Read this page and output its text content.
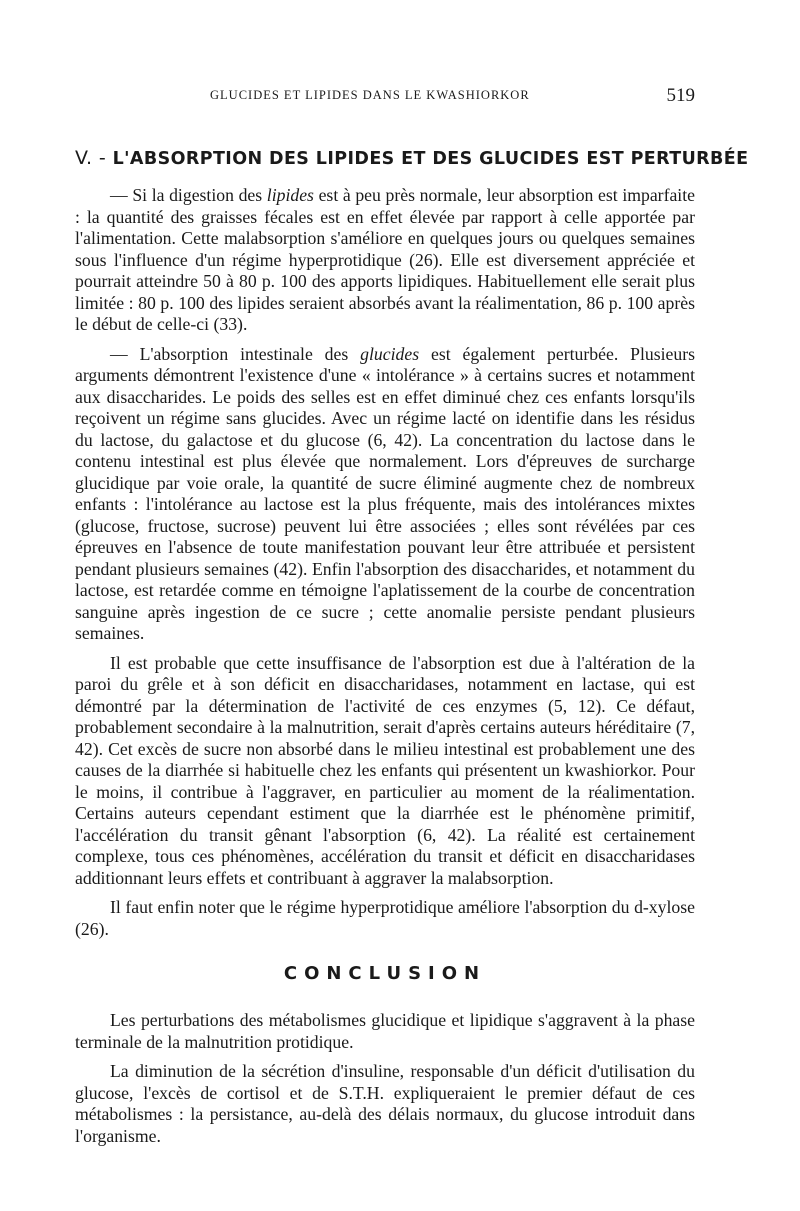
GLUCIDES ET LIPIDES DANS LE KWASHIORKOR	519
V. - L'ABSORPTION DES LIPIDES ET DES GLUCIDES EST PERTURBÉE

— Si la digestion des lipides est à peu près normale, leur absorption est imparfaite : la quantité des graisses fécales est en effet élevée par rapport à celle apportée par l'alimentation. Cette malabsorption s'améliore en quelques jours ou quelques semaines sous l'influence d'un régime hyperprotidique (26). Elle est diversement appréciée et pourrait atteindre 50 à 80 p. 100 des apports lipidiques. Habituellement elle serait plus limitée : 80 p. 100 des lipides seraient absorbés avant la réalimentation, 86 p. 100 après le début de celle-ci (33).

— L'absorption intestinale des glucides est également perturbée. Plusieurs arguments démontrent l'existence d'une « intolérance » à certains sucres et notamment aux disaccharides. Le poids des selles est en effet diminué chez ces enfants lorsqu'ils reçoivent un régime sans glucides. Avec un régime lacté on identifie dans les résidus du lactose, du galactose et du glucose (6, 42). La concentration du lactose dans le contenu intestinal est plus élevée que normalement. Lors d'épreuves de surcharge glucidique par voie orale, la quantité de sucre éliminé augmente chez de nombreux enfants : l'intolérance au lactose est la plus fréquente, mais des intolérances mixtes (glucose, fructose, sucrose) peuvent lui être associées ; elles sont révélées par ces épreuves en l'absence de toute manifestation pouvant leur être attribuée et persistent pendant plusieurs semaines (42). Enfin l'absorption des disaccharides, et notamment du lactose, est retardée comme en témoigne l'aplatissement de la courbe de concentration sanguine après ingestion de ce sucre ; cette anomalie persiste pendant plusieurs semaines.

Il est probable que cette insuffisance de l'absorption est due à l'altération de la paroi du grêle et à son déficit en disaccharidases, notamment en lactase, qui est démontré par la détermination de l'activité de ces enzymes (5, 12). Ce défaut, probablement secondaire à la malnutrition, serait d'après certains auteurs héréditaire (7, 42). Cet excès de sucre non absorbé dans le milieu intestinal est probablement une des causes de la diarrhée si habituelle chez les enfants qui présentent un kwashiorkor. Pour le moins, il contribue à l'aggraver, en particulier au moment de la réalimentation. Certains auteurs cependant estiment que la diarrhée est le phénomène primitif, l'accélération du transit gênant l'absorption (6, 42). La réalité est certainement complexe, tous ces phénomènes, accélération du transit et déficit en disaccharidases additionnant leurs effets et contribuant à aggraver la malabsorption.

Il faut enfin noter que le régime hyperprotidique améliore l'absorption du d-xylose (26).

CONCLUSION

Les perturbations des métabolismes glucidique et lipidique s'aggravent à la phase terminale de la malnutrition protidique.

La diminution de la sécrétion d'insuline, responsable d'un déficit d'utilisation du glucose, l'excès de cortisol et de S.T.H. expliqueraient le premier défaut de ces métabolismes : la persistance, au-delà des délais normaux, du glucose introduit dans l'organisme.
